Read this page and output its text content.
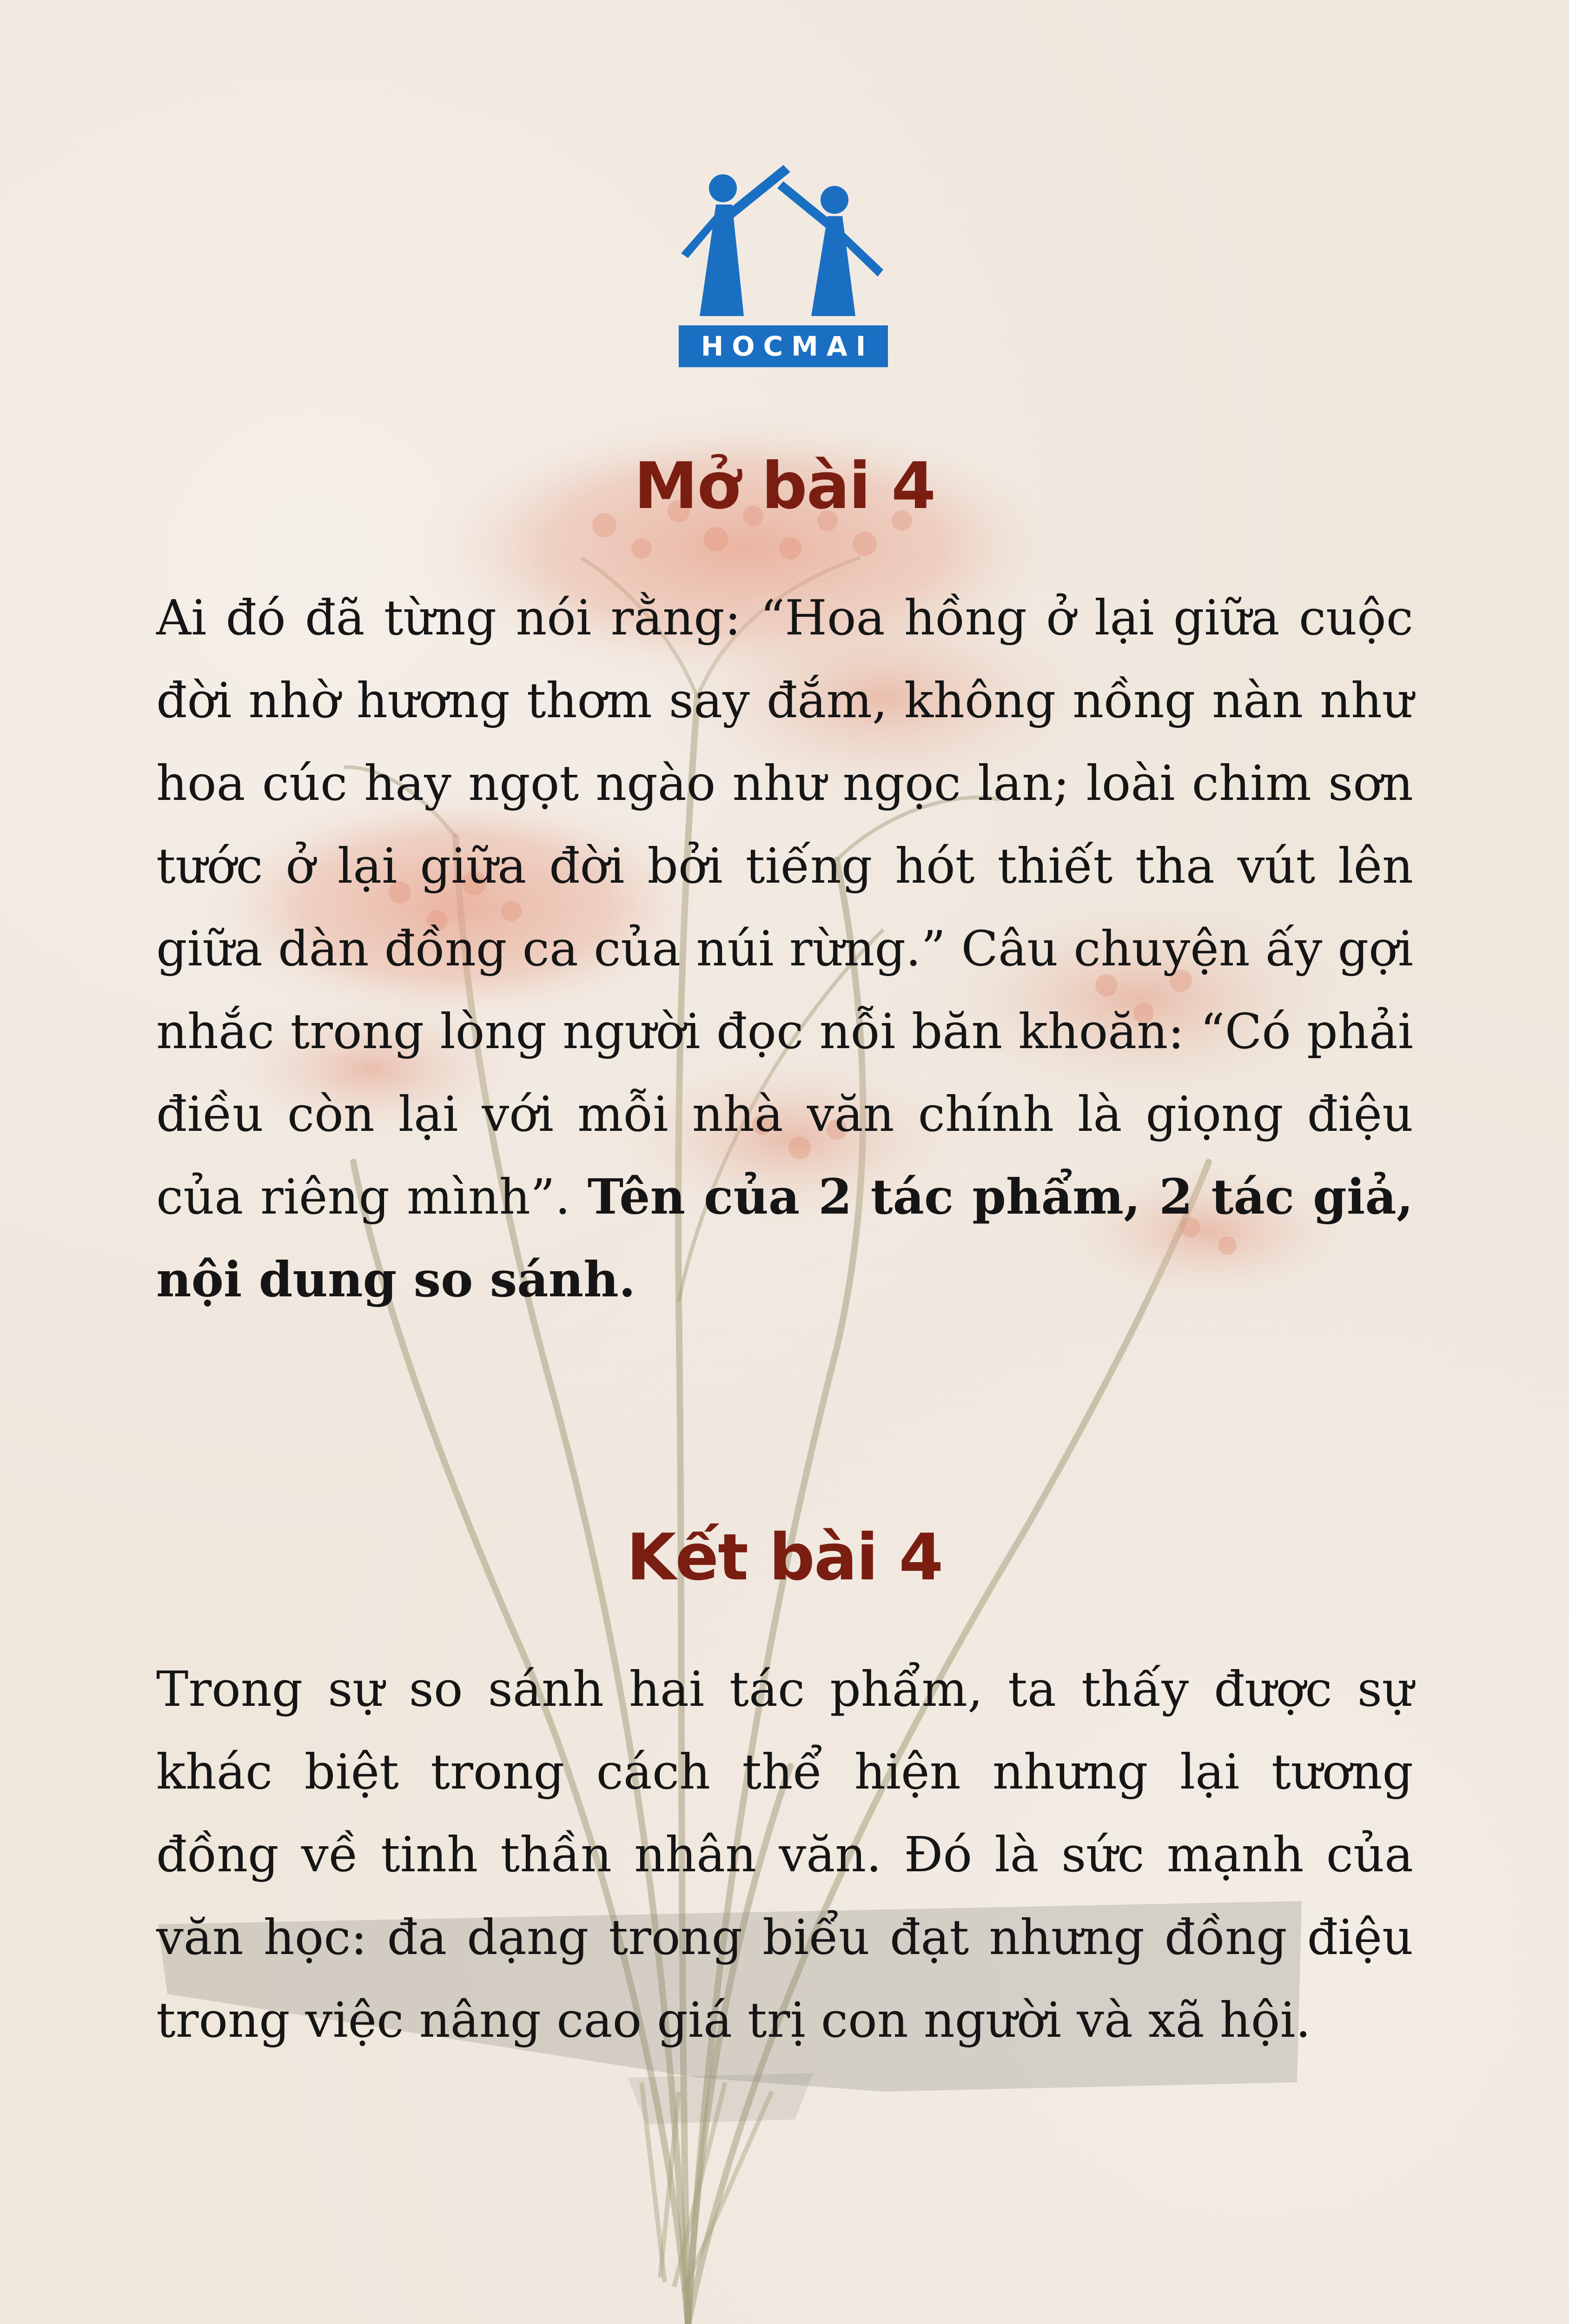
HOCMAI
Mở bài 4
Ai đó đã từng nói rằng: “Hoa hồng ở lại giữa cuộc đời nhờ hương thơm say đắm, không nồng nàn như hoa cúc hay ngọt ngào như ngọc lan; loài chim sơn tước ở lại giữa đời bởi tiếng hót thiết tha vút lên giữa dàn đồng ca của núi rừng.” Câu chuyện ấy gợi nhắc trong lòng người đọc nỗi băn khoăn: “Có phải điều còn lại với mỗi nhà văn chính là giọng điệu của riêng mình”. Tên của 2 tác phẩm, 2 tác giả, nội dung so sánh.
Kết bài 4
Trong sự so sánh hai tác phẩm, ta thấy được sự khác biệt trong cách thể hiện nhưng lại tương đồng về tinh thần nhân văn. Đó là sức mạnh của văn học: đa dạng trong biểu đạt nhưng đồng điệu trong việc nâng cao giá trị con người và xã hội.
